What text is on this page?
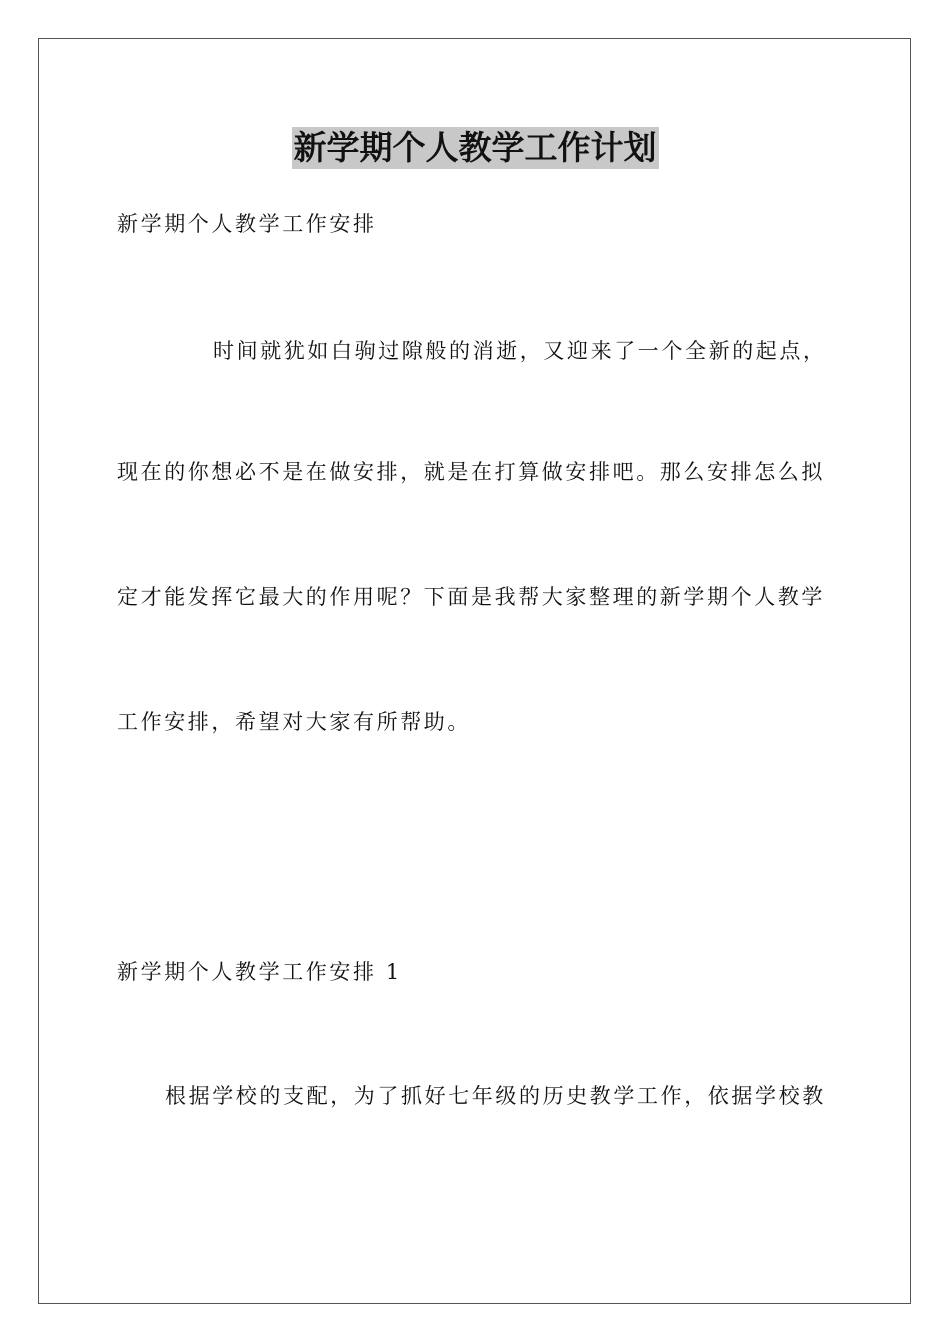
新学期个人教学工作计划
新学期个人教学工作安排
时间就犹如白驹过隙般的消逝，又迎来了一个全新的起点，
现在的你想必不是在做安排，就是在打算做安排吧。那么安排怎么拟
定才能发挥它最大的作用呢？下面是我帮大家整理的新学期个人教学
工作安排，希望对大家有所帮助。
新学期个人教学工作安排 1
根据学校的支配，为了抓好七年级的历史教学工作，依据学校教
